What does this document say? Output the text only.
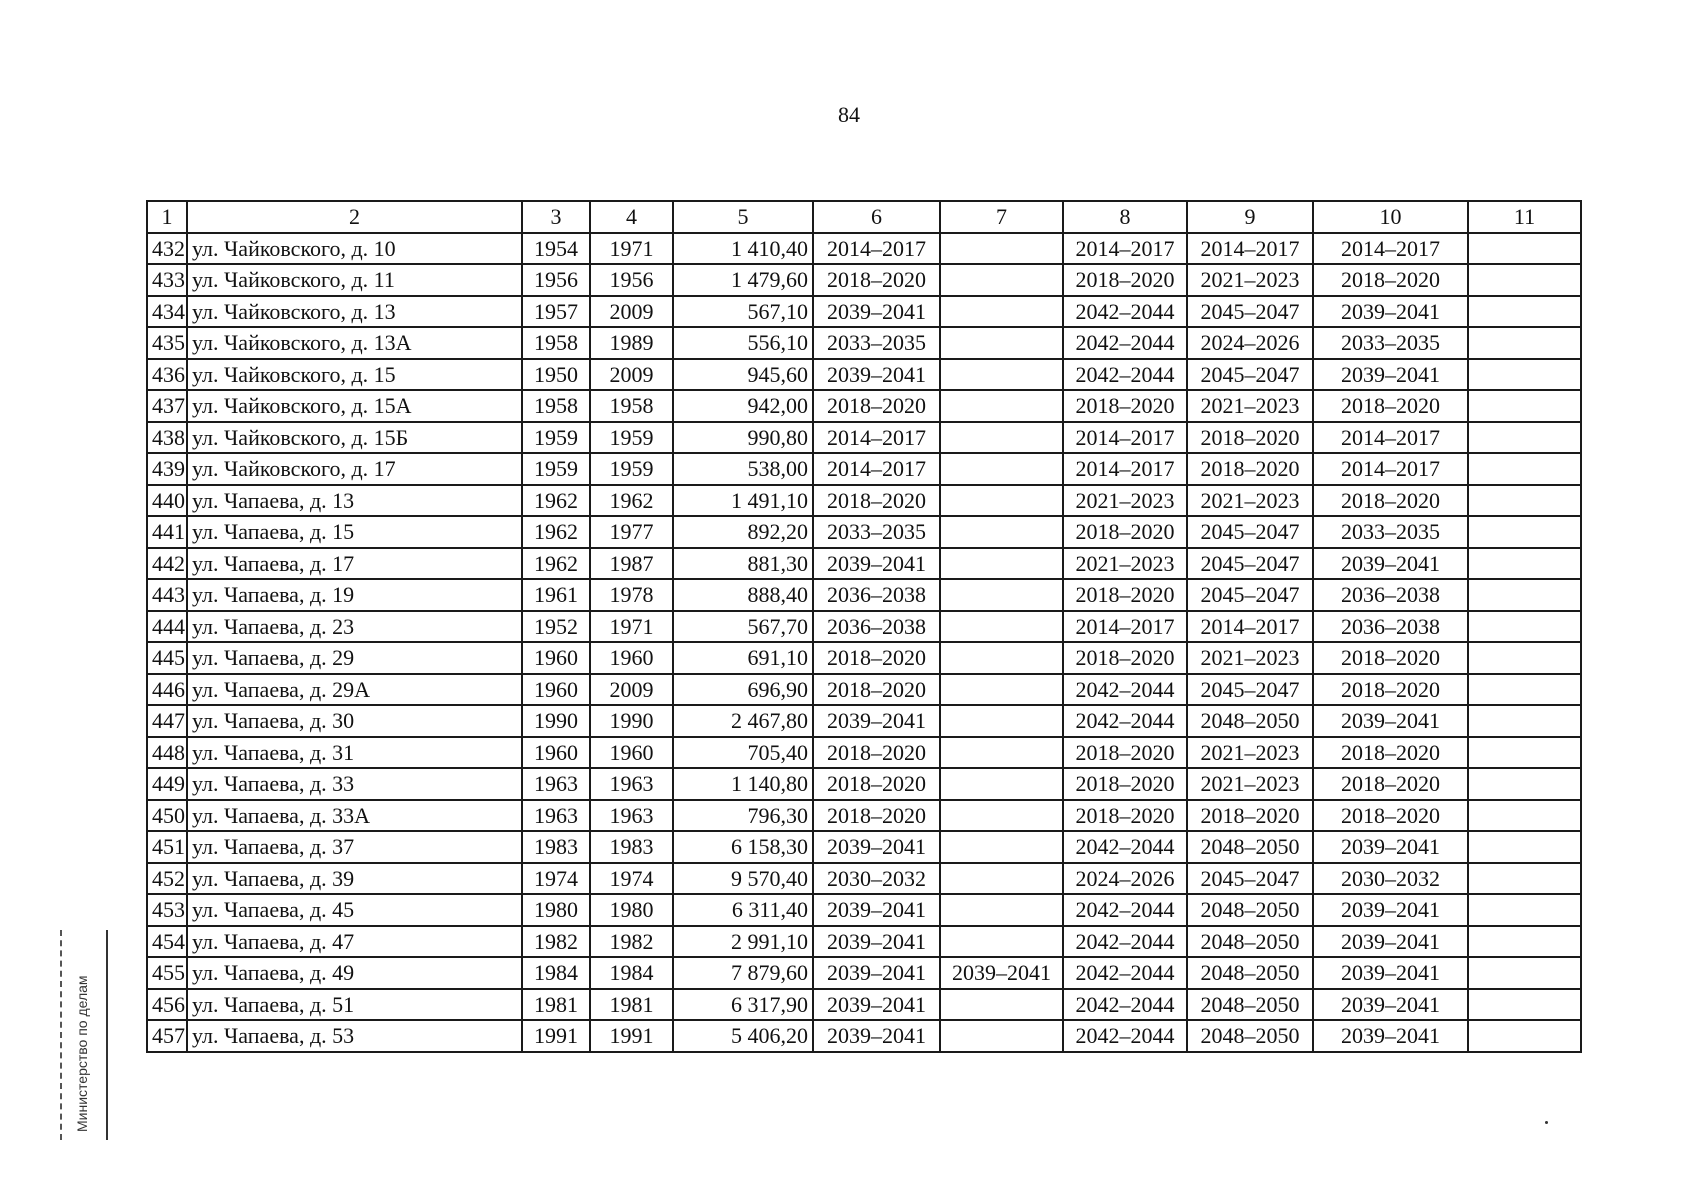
84
1	2	3	4	5	6	7	8	9	10	11
432	ул. Чайковского, д. 10	1954	1971	1 410,40	2014–2017		2014–2017	2014–2017	2014–2017	
433	ул. Чайковского, д. 11	1956	1956	1 479,60	2018–2020		2018–2020	2021–2023	2018–2020	
434	ул. Чайковского, д. 13	1957	2009	567,10	2039–2041		2042–2044	2045–2047	2039–2041	
435	ул. Чайковского, д. 13А	1958	1989	556,10	2033–2035		2042–2044	2024–2026	2033–2035	
436	ул. Чайковского, д. 15	1950	2009	945,60	2039–2041		2042–2044	2045–2047	2039–2041	
437	ул. Чайковского, д. 15А	1958	1958	942,00	2018–2020		2018–2020	2021–2023	2018–2020	
438	ул. Чайковского, д. 15Б	1959	1959	990,80	2014–2017		2014–2017	2018–2020	2014–2017	
439	ул. Чайковского, д. 17	1959	1959	538,00	2014–2017		2014–2017	2018–2020	2014–2017	
440	ул. Чапаева, д. 13	1962	1962	1 491,10	2018–2020		2021–2023	2021–2023	2018–2020	
441	ул. Чапаева, д. 15	1962	1977	892,20	2033–2035		2018–2020	2045–2047	2033–2035	
442	ул. Чапаева, д. 17	1962	1987	881,30	2039–2041		2021–2023	2045–2047	2039–2041	
443	ул. Чапаева, д. 19	1961	1978	888,40	2036–2038		2018–2020	2045–2047	2036–2038	
444	ул. Чапаева, д. 23	1952	1971	567,70	2036–2038		2014–2017	2014–2017	2036–2038	
445	ул. Чапаева, д. 29	1960	1960	691,10	2018–2020		2018–2020	2021–2023	2018–2020	
446	ул. Чапаева, д. 29А	1960	2009	696,90	2018–2020		2042–2044	2045–2047	2018–2020	
447	ул. Чапаева, д. 30	1990	1990	2 467,80	2039–2041		2042–2044	2048–2050	2039–2041	
448	ул. Чапаева, д. 31	1960	1960	705,40	2018–2020		2018–2020	2021–2023	2018–2020	
449	ул. Чапаева, д. 33	1963	1963	1 140,80	2018–2020		2018–2020	2021–2023	2018–2020	
450	ул. Чапаева, д. 33А	1963	1963	796,30	2018–2020		2018–2020	2018–2020	2018–2020	
451	ул. Чапаева, д. 37	1983	1983	6 158,30	2039–2041		2042–2044	2048–2050	2039–2041	
452	ул. Чапаева, д. 39	1974	1974	9 570,40	2030–2032		2024–2026	2045–2047	2030–2032	
453	ул. Чапаева, д. 45	1980	1980	6 311,40	2039–2041		2042–2044	2048–2050	2039–2041	
454	ул. Чапаева, д. 47	1982	1982	2 991,10	2039–2041		2042–2044	2048–2050	2039–2041	
455	ул. Чапаева, д. 49	1984	1984	7 879,60	2039–2041	2039–2041	2042–2044	2048–2050	2039–2041	
456	ул. Чапаева, д. 51	1981	1981	6 317,90	2039–2041		2042–2044	2048–2050	2039–2041	
457	ул. Чапаева, д. 53	1991	1991	5 406,20	2039–2041		2042–2044	2048–2050	2039–2041	
Министерство по делам
